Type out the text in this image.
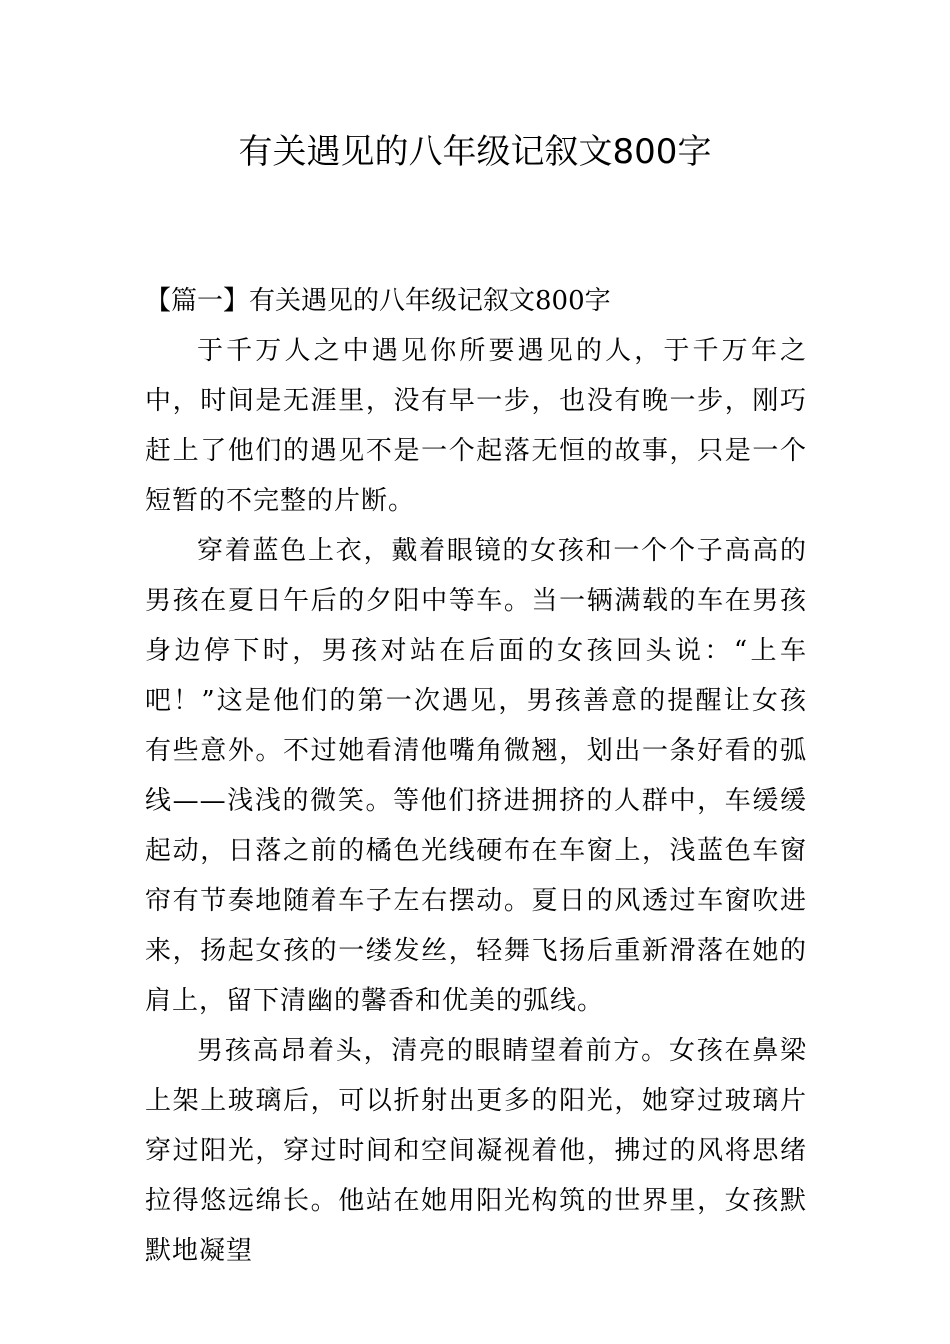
有关遇见的八年级记叙文800字

【篇一】有关遇见的八年级记叙文800字

于千万人之中遇见你所要遇见的人，于千万年之中，时间是无涯里，没有早一步，也没有晚一步，刚巧赶上了他们的遇见不是一个起落无恒的故事，只是一个短暂的不完整的片断。

穿着蓝色上衣，戴着眼镜的女孩和一个个子高高的男孩在夏日午后的夕阳中等车。当一辆满载的车在男孩身边停下时，男孩对站在后面的女孩回头说：“上车吧！”这是他们的第一次遇见，男孩善意的提醒让女孩有些意外。不过她看清他嘴角微翘，划出一条好看的弧线——浅浅的微笑。等他们挤进拥挤的人群中，车缓缓起动，日落之前的橘色光线硬布在车窗上，浅蓝色车窗帘有节奏地随着车子左右摆动。夏日的风透过车窗吹进来，扬起女孩的一缕发丝，轻舞飞扬后重新滑落在她的肩上，留下清幽的馨香和优美的弧线。

男孩高昂着头，清亮的眼睛望着前方。女孩在鼻梁上架上玻璃后，可以折射出更多的阳光，她穿过玻璃片穿过阳光，穿过时间和空间凝视着他，拂过的风将思绪拉得悠远绵长。他站在她用阳光构筑的世界里，女孩默默地凝望
